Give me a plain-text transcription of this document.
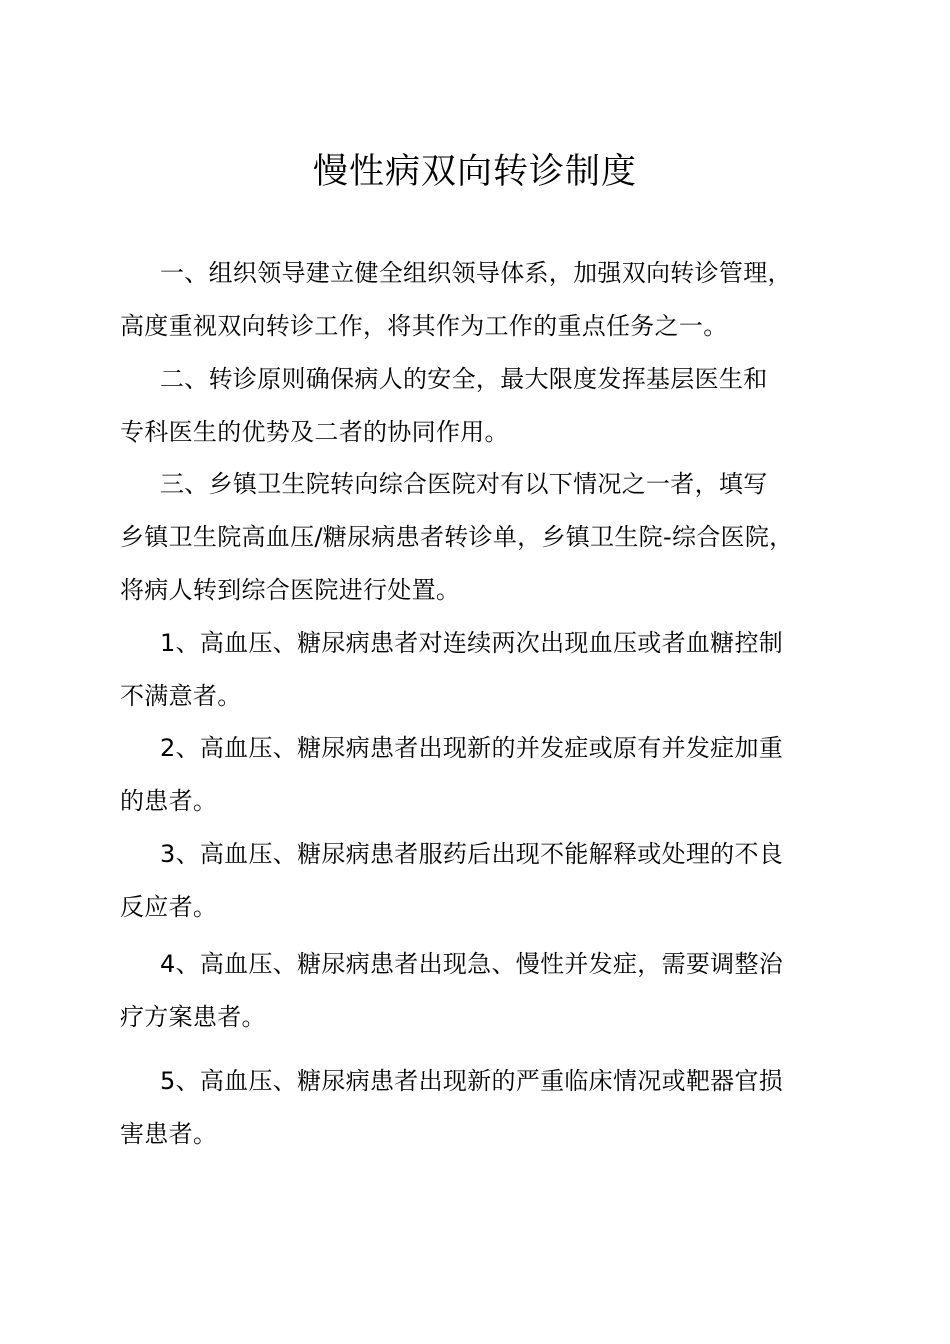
慢性病双向转诊制度
一、组织领导建立健全组织领导体系，加强双向转诊管理，
高度重视双向转诊工作，将其作为工作的重点任务之一。
二、转诊原则确保病人的安全，最大限度发挥基层医生和
专科医生的优势及二者的协同作用。
三、乡镇卫生院转向综合医院对有以下情况之一者，填写
乡镇卫生院高血压/糖尿病患者转诊单，乡镇卫生院-综合医院，
将病人转到综合医院进行处置。
1、高血压、糖尿病患者对连续两次出现血压或者血糖控制
不满意者。
2、高血压、糖尿病患者出现新的并发症或原有并发症加重
的患者。
3、高血压、糖尿病患者服药后出现不能解释或处理的不良
反应者。
4、高血压、糖尿病患者出现急、慢性并发症，需要调整治
疗方案患者。
5、高血压、糖尿病患者出现新的严重临床情况或靶器官损
害患者。
